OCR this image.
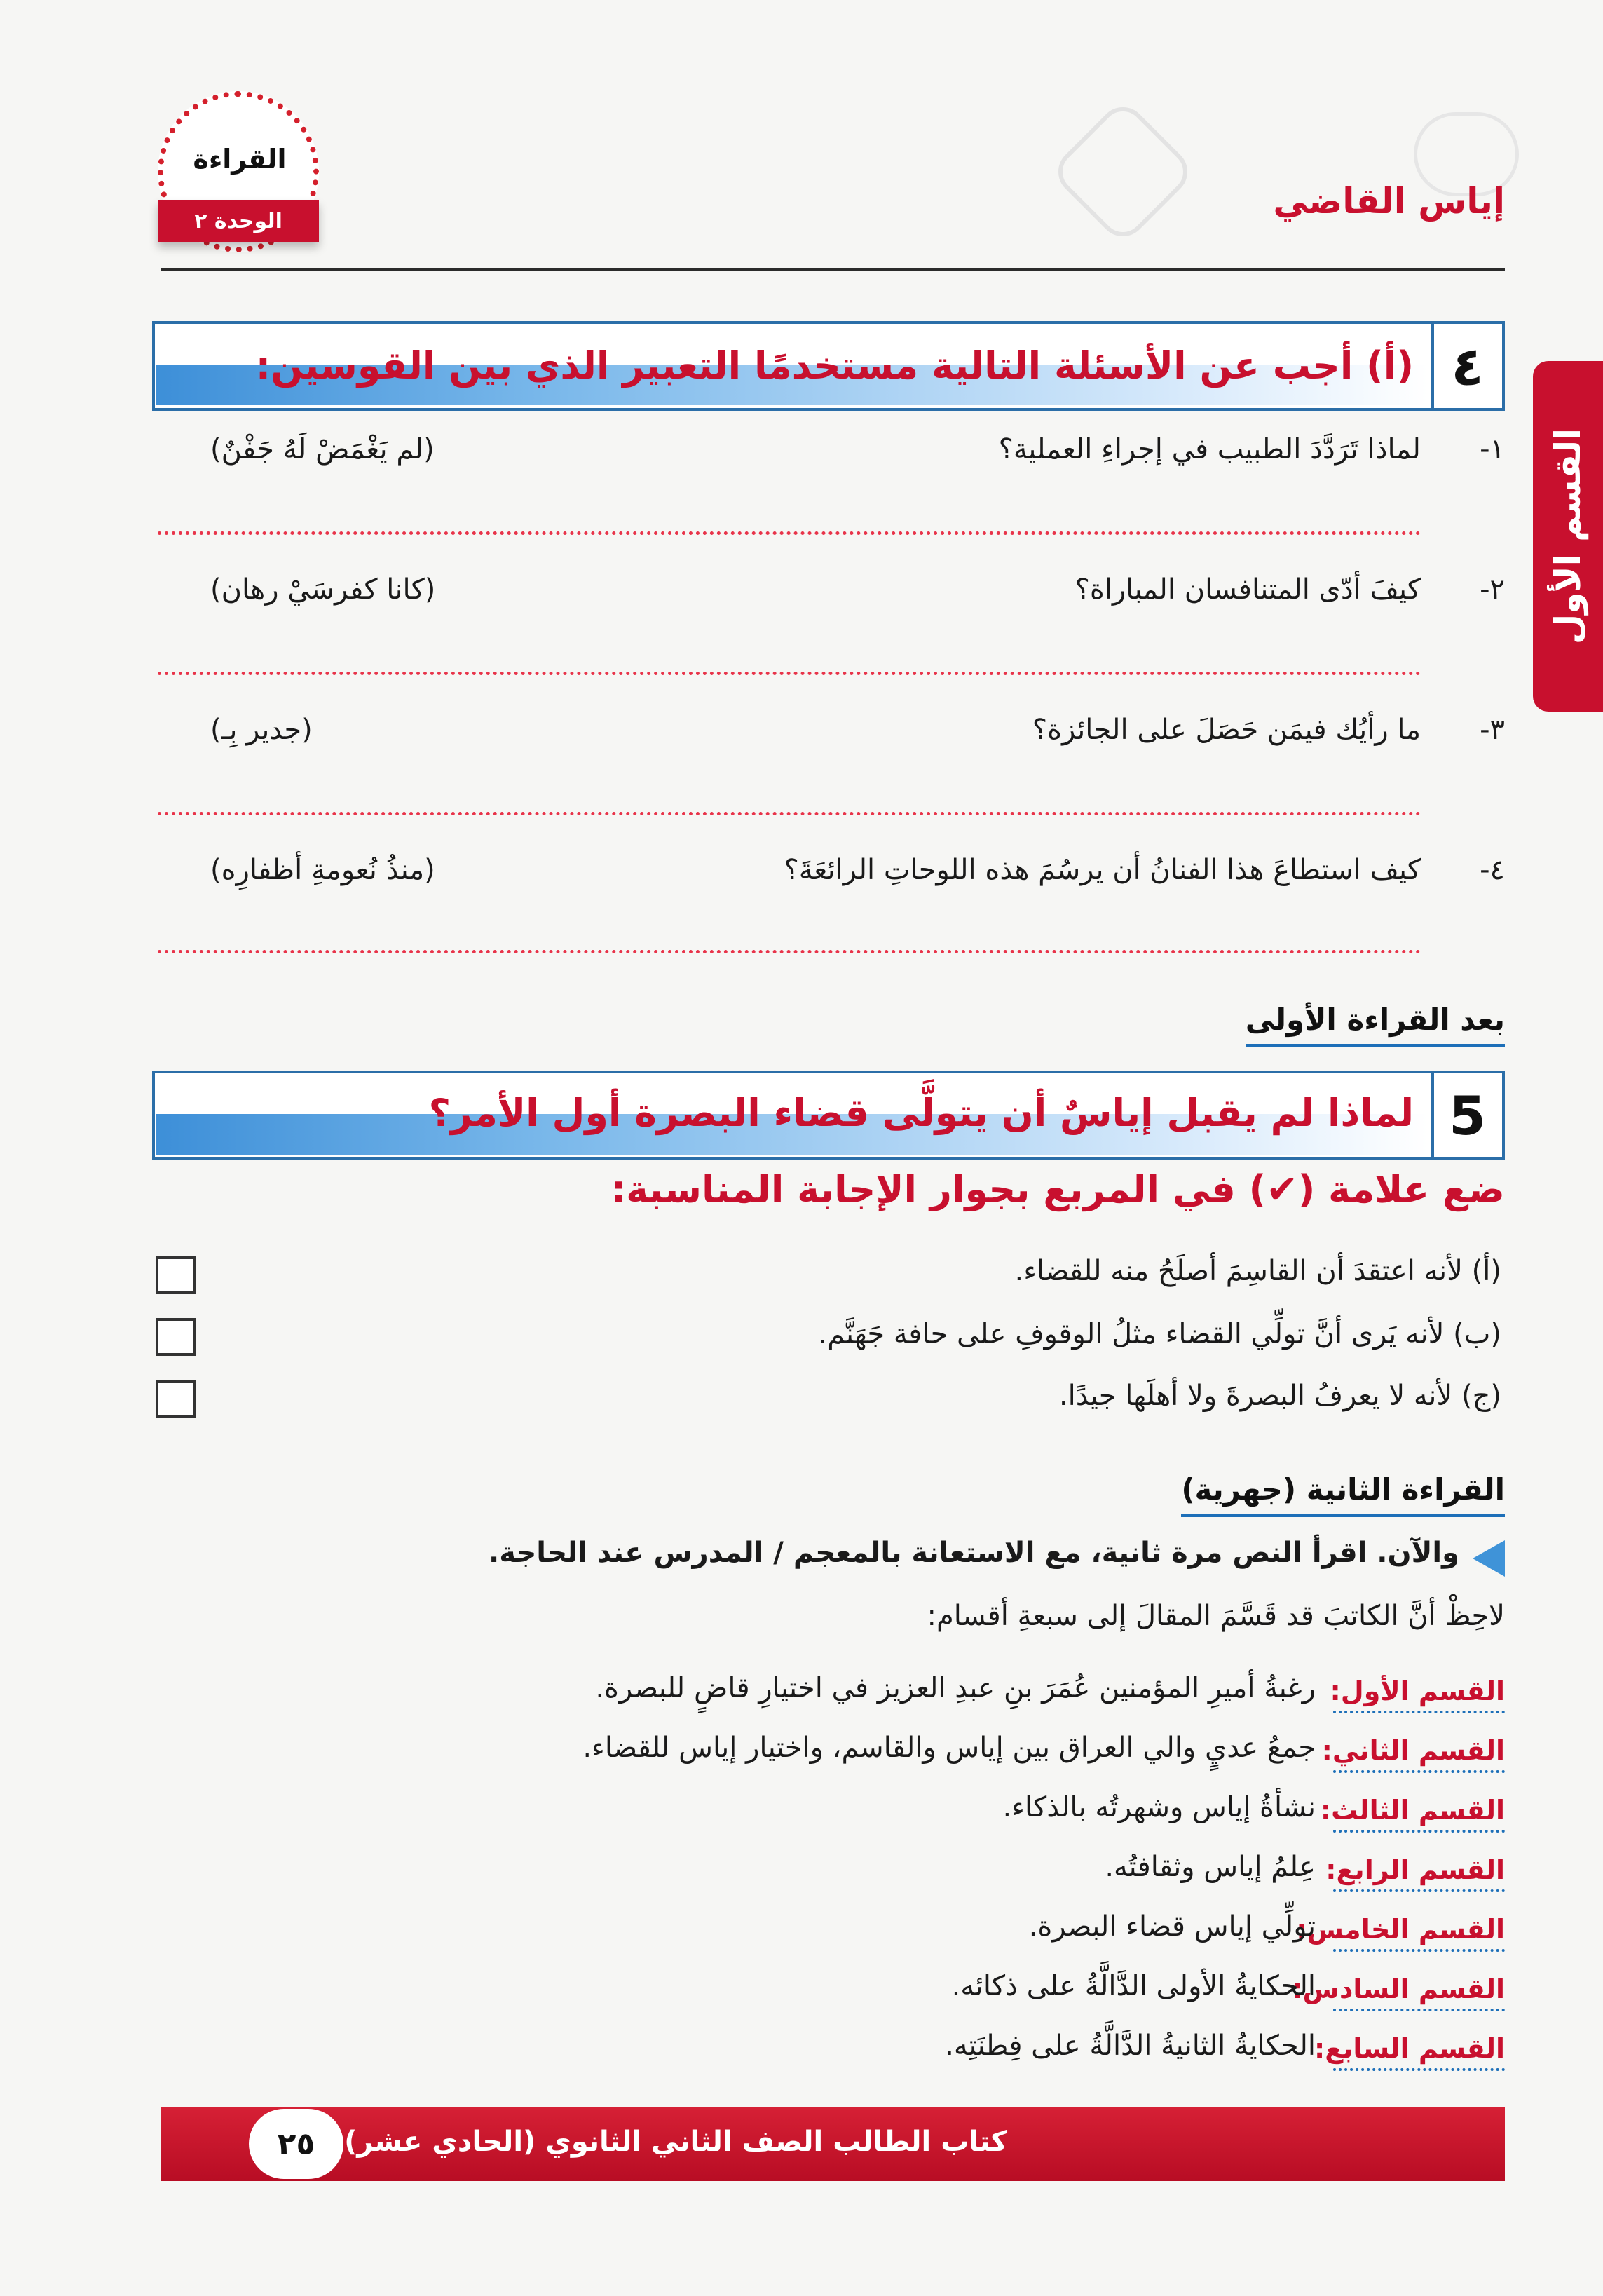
إياس القاضي
القراءة
الوحدة ٢
القسم الأول
٤
(أ) أجب عن الأسئلة التالية مستخدمًا التعبير الذي بين القوسين:
١-
لماذا تَرَدَّدَ الطبيب في إجراءِ العملية؟
(لم يَغْمَضْ لَهُ جَفْنٌ)
٢-
كيفَ أدّى المتنافسان المباراة؟
(كانا كفرسَيْ رهان)
٣-
ما رأيُك فيمَن حَصَلَ على الجائزة؟
(جدير بِـ)
٤-
كيف استطاعَ هذا الفنانُ أن يرسُمَ هذه اللوحاتِ الرائعَةَ؟
(منذُ نُعومةِ أظفارِه)
بعد القراءة الأولى
5
لماذا لم يقبل إياسٌ أن يتولَّى قضاء البصرة أول الأمر؟
ضع علامة (✔) في المربع بجوار الإجابة المناسبة:
(أ) لأنه اعتقدَ أن القاسِمَ أصلَحُ منه للقضاء.
(ب) لأنه يَرى أنَّ تولِّي القضاء مثلُ الوقوفِ على حافة جَهَنَّم.
(ج) لأنه لا يعرفُ البصرةَ ولا أهلَها جيدًا.
القراءة الثانية (جهرية)
والآن. اقرأ النص مرة ثانية، مع الاستعانة بالمعجم / المدرس عند الحاجة.
لاحِظْ أنَّ الكاتبَ قد قَسَّمَ المقالَ إلى سبعةِ أقسام:
القسم الأول:
رغبةُ أميرِ المؤمنين عُمَرَ بنِ عبدِ العزيز في اختيارِ قاضٍ للبصرة.
القسم الثاني:
جمعُ عديٍ والي العراق بين إياس والقاسم، واختيار إياس للقضاء.
القسم الثالث:
نشأةُ إياس وشهرتُه بالذكاء.
القسم الرابع:
عِلمُ إياس وثقافتُه.
القسم الخامس:
تولِّي إياس قضاء البصرة.
القسم السادس:
الحكايةُ الأولى الدَّالَّةُ على ذكائه.
القسم السابع:
الحكايةُ الثانيةُ الدَّالَّةُ على فِطنَتِه.
كتاب الطالب الصف الثاني الثانوي (الحادي عشر)
٢٥
